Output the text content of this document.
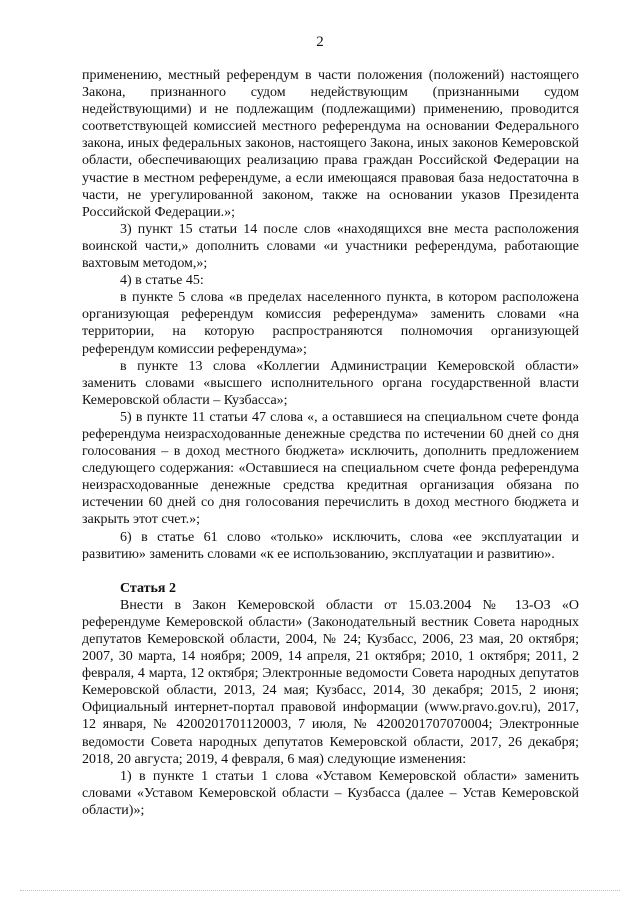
2

применению, местный референдум в части положения (положений) настоящего Закона, признанного судом недействующим (признанными судом недействующими) и не подлежащим (подлежащими) применению, проводится соответствующей комиссией местного референдума на основании Федерального закона, иных федеральных законов, настоящего Закона, иных законов Кемеровской области, обеспечивающих реализацию права граждан Российской Федерации на участие в местном референдуме, а если имеющаяся правовая база недостаточна в части, не урегулированной законом, также на основании указов Президента Российской Федерации.»;

3) пункт 15 статьи 14 после слов «находящихся вне места расположения воинской части,» дополнить словами «и участники референдума, работающие вахтовым методом,»;

4) в статье 45:

в пункте 5 слова «в пределах населенного пункта, в котором расположена организующая референдум комиссия референдума» заменить словами «на территории, на которую распространяются полномочия организующей референдум комиссии референдума»;

в пункте 13 слова «Коллегии Администрации Кемеровской области» заменить словами «высшего исполнительного органа государственной власти Кемеровской области – Кузбасса»;

5) в пункте 11 статьи 47 слова «, а оставшиеся на специальном счете фонда референдума неизрасходованные денежные средства по истечении 60 дней со дня голосования – в доход местного бюджета» исключить, дополнить предложением следующего содержания: «Оставшиеся на специальном счете фонда референдума неизрасходованные денежные средства кредитная организация обязана по истечении 60 дней со дня голосования перечислить в доход местного бюджета и закрыть этот счет.»;

6) в статье 61 слово «только» исключить, слова «ее эксплуатации и развитию» заменить словами «к ее использованию, эксплуатации и развитию».

Статья 2

Внести в Закон Кемеровской области от 15.03.2004 № 13-ОЗ «О референдуме Кемеровской области» (Законодательный вестник Совета народных депутатов Кемеровской области, 2004, № 24; Кузбасс, 2006, 23 мая, 20 октября; 2007, 30 марта, 14 ноября; 2009, 14 апреля, 21 октября; 2010, 1 октября; 2011, 2 февраля, 4 марта, 12 октября; Электронные ведомости Совета народных депутатов Кемеровской области, 2013, 24 мая; Кузбасс, 2014, 30 декабря; 2015, 2 июня; Официальный интернет-портал правовой информации (www.pravo.gov.ru), 2017, 12 января, № 4200201701120003, 7 июля, № 4200201707070004; Электронные ведомости Совета народных депутатов Кемеровской области, 2017, 26 декабря; 2018, 20 августа; 2019, 4 февраля, 6 мая) следующие изменения:

1) в пункте 1 статьи 1 слова «Уставом Кемеровской области» заменить словами «Уставом Кемеровской области – Кузбасса (далее – Устав Кемеровской области)»;
